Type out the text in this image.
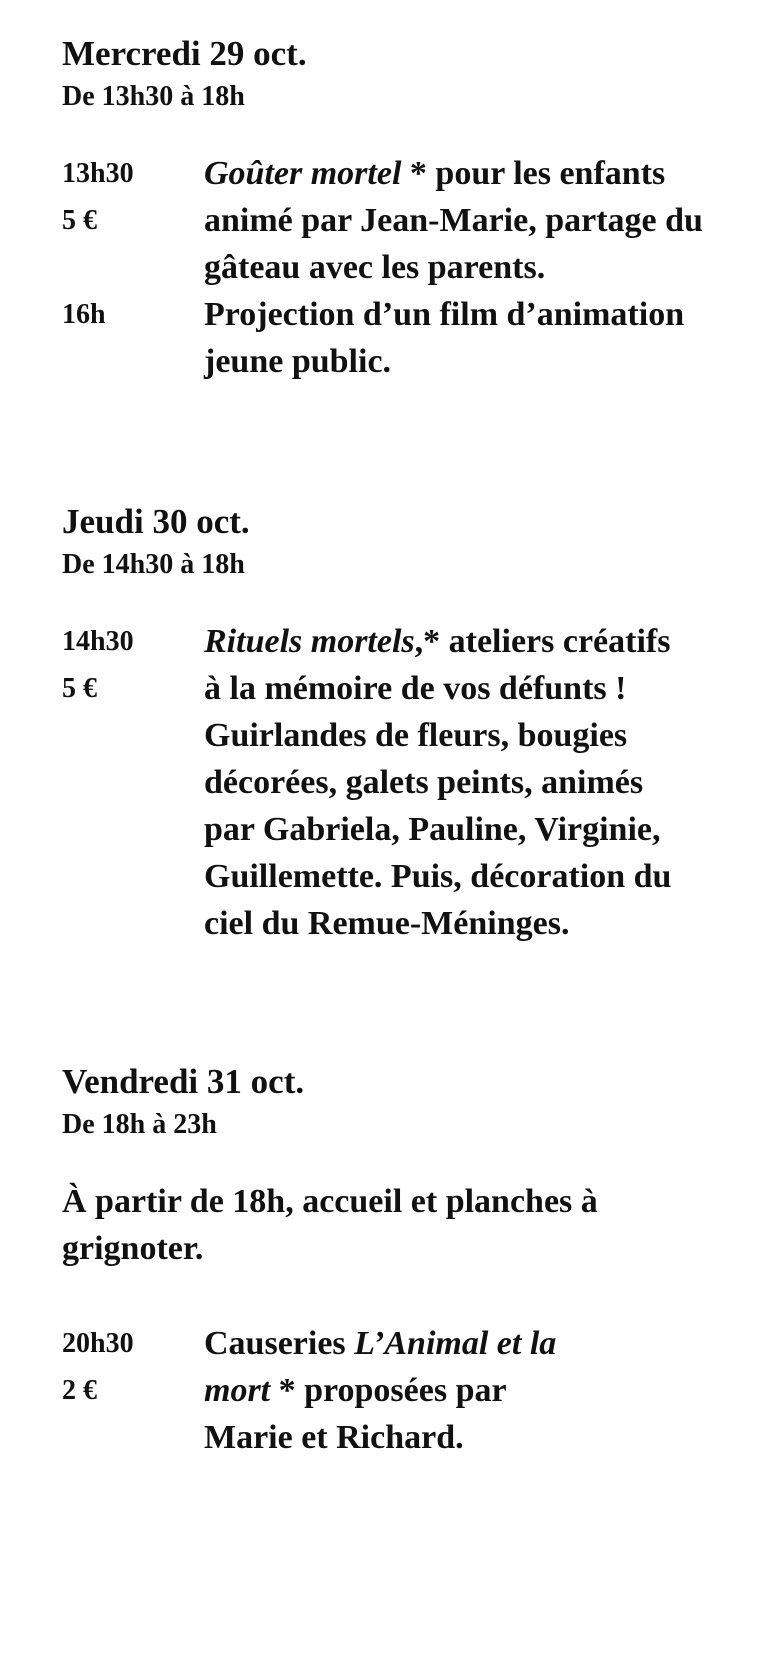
Mercredi 29 oct.

De 13h30 à 18h

13h30
5 €
Goûter mortel * pour les enfants animé par Jean-Marie, partage du gâteau avec les parents.
16h	Projection d’un film d’animation jeune public.
Jeudi 30 oct.

De 14h30 à 18h

14h30
5 €
Rituels mortels,* ateliers créatifs à la mémoire de vos défunts ! Guirlandes de fleurs, bougies décorées, galets peints, animés par Gabriela, Pauline, Virginie, Guillemette. Puis, décoration du ciel du Remue-Méninges.
Vendredi 31 oct.

De 18h à 23h

À partir de 18h, accueil et planches à grignoter.
20h30
2 €
Causeries L’Animal et la mort * proposées par Marie et Richard.
